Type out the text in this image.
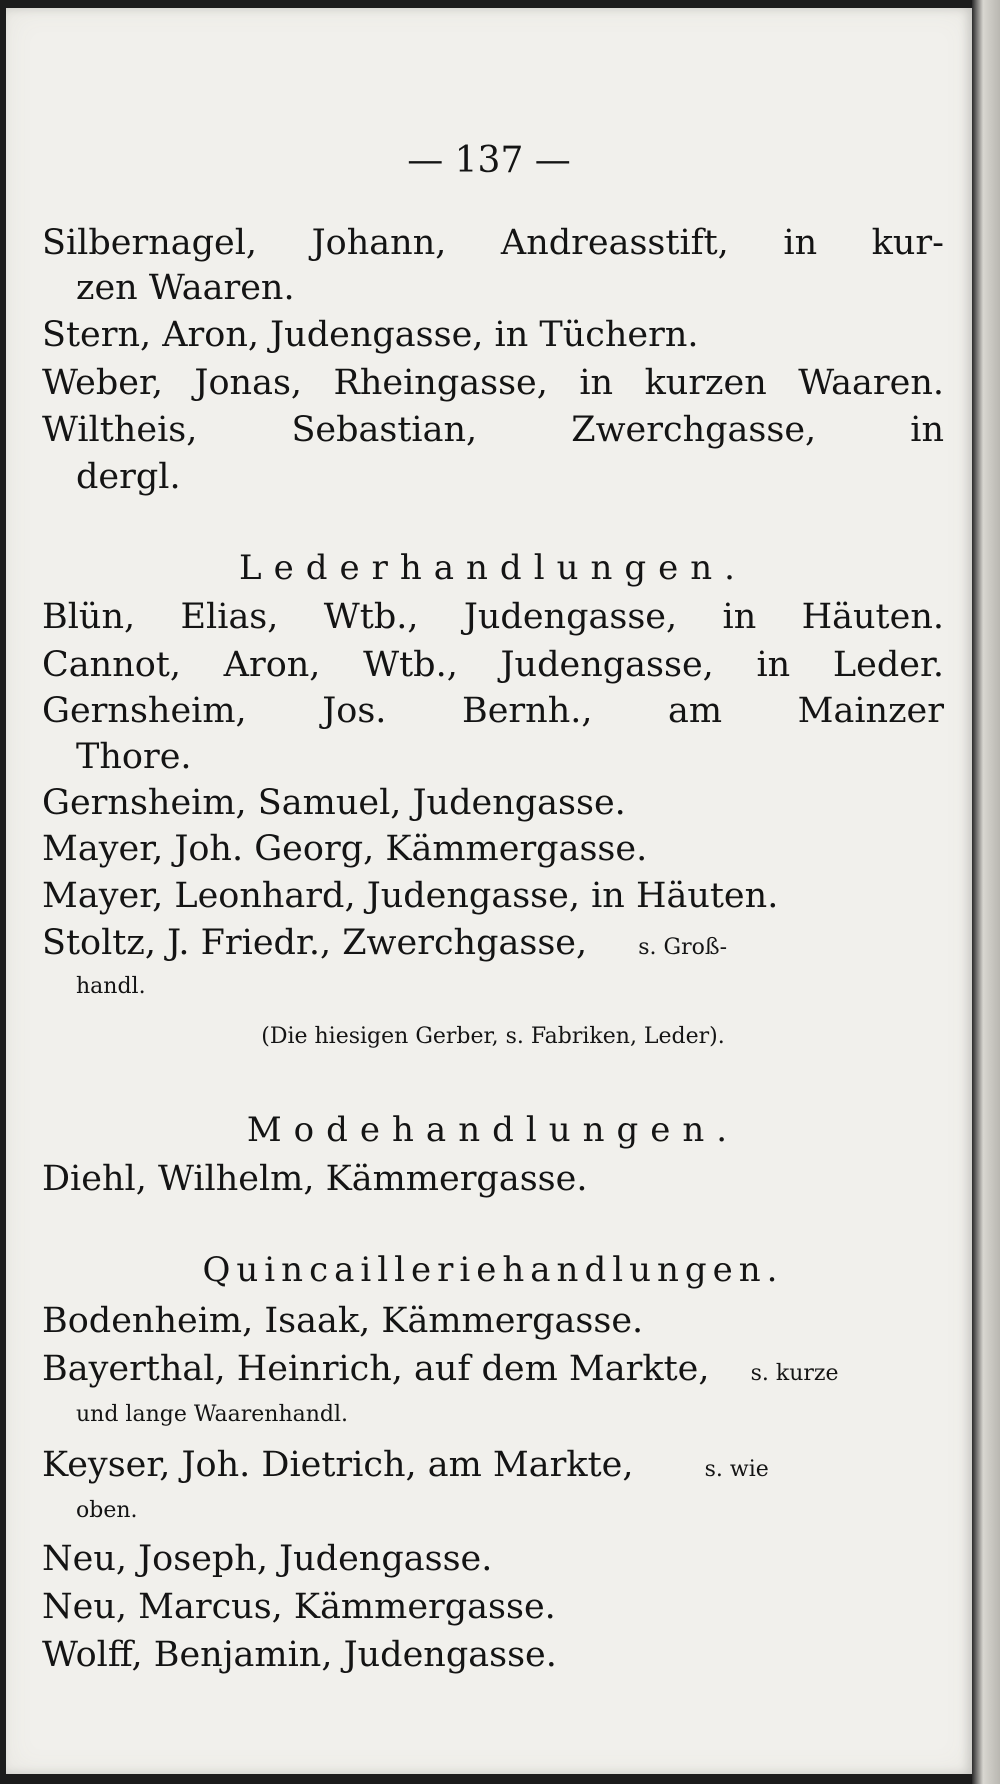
— 137 —
Silbernagel, Johann, Andreasstift, in kur-
zen Waaren.
Stern, Aron, Judengasse, in Tüchern.
Weber, Jonas, Rheingasse, in kurzen Waaren.
Wiltheis, Sebastian, Zwerchgasse, in
dergl.
Lederhandlungen.
Blün, Elias, Wtb., Judengasse, in Häuten.
Cannot, Aron, Wtb., Judengasse, in Leder.
Gernsheim, Jos. Bernh., am Mainzer
Thore.
Gernsheim, Samuel, Judengasse.
Mayer, Joh. Georg, Kämmergasse.
Mayer, Leonhard, Judengasse, in Häuten.
Stoltz, J. Friedr., Zwerchgasse, s. Groß-
handl.
(Die hiesigen Gerber, s. Fabriken, Leder).
Modehandlungen.
Diehl, Wilhelm, Kämmergasse.
Quincailleriehandlungen.
Bodenheim, Isaak, Kämmergasse.
Bayerthal, Heinrich, auf dem Markte, s. kurze
und lange Waarenhandl.
Keyser, Joh. Dietrich, am Markte,	s. wie
oben.
Neu, Joseph, Judengasse.
Neu, Marcus, Kämmergasse.
Wolff, Benjamin, Judengasse.
